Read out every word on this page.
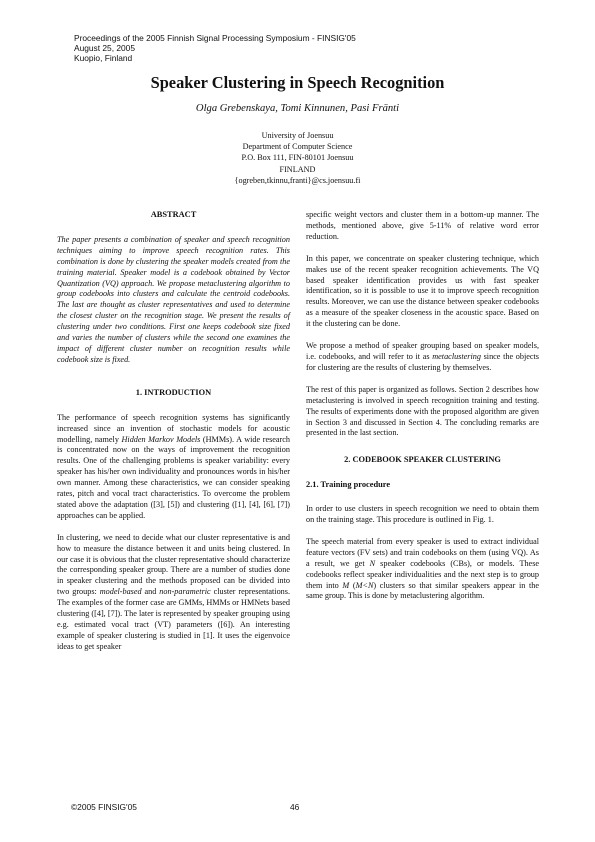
Proceedings of the 2005 Finnish Signal Processing Symposium - FINSIG'05
August 25, 2005
Kuopio, Finland
Speaker Clustering in Speech Recognition
Olga Grebenskaya, Tomi Kinnunen, Pasi Fränti
University of Joensuu
Department of Computer Science
P.O. Box 111, FIN-80101 Joensuu
FINLAND
{ogreben,tkinnu,franti}@cs.joensuu.fi
ABSTRACT

The paper presents a combination of speaker and speech recognition techniques aiming to improve speech recognition rates. This combination is done by clustering the speaker models created from the training material. Speaker model is a codebook obtained by Vector Quantization (VQ) approach. We propose metaclustering algorithm to group codebooks into clusters and calculate the centroid codebooks. The last are thought as cluster representatives and used to determine the closest cluster on the recognition stage. We present the results of clustering under two conditions. First one keeps codebook size fixed and varies the number of clusters while the second one examines the impact of different cluster number on recognition results while codebook size is fixed.

1. INTRODUCTION

The performance of speech recognition systems has significantly increased since an invention of stochastic models for acoustic modelling, namely Hidden Markov Models (HMMs). A wide research is concentrated now on the ways of improvement the recognition results. One of the challenging problems is speaker variability: every speaker has his/her own individuality and pronounces words in his/her own manner. Among these characteristics, we can consider speaking rates, pitch and vocal tract characteristics. To overcome the problem stated above the adaptation ([3], [5]) and clustering ([1], [4], [6], [7]) approaches can be applied.

In clustering, we need to decide what our cluster representative is and how to measure the distance between it and units being clustered. In our case it is obvious that the cluster representative should characterize the corresponding speaker group. There are a number of studies done in speaker clustering and the methods proposed can be divided into two groups: model-based and non-parametric cluster representations. The examples of the former case are GMMs, HMMs or HMNets based clustering ([4], [7]). The later is represented by speaker grouping using e.g. estimated vocal tract (VT) parameters ([6]). An interesting example of speaker clustering is studied in [1]. It uses the eigenvoice ideas to get speaker

specific weight vectors and cluster them in a bottom-up manner. The methods, mentioned above, give 5-11% of relative word error reduction.

In this paper, we concentrate on speaker clustering technique, which makes use of the recent speaker recognition achievements. The VQ based speaker identification provides us with fast speaker identification, so it is possible to use it to improve speech recognition results. Moreover, we can use the distance between speaker codebooks as a measure of the speaker closeness in the acoustic space. Based on it the clustering can be done.

We propose a method of speaker grouping based on speaker models, i.e. codebooks, and will refer to it as metaclustering since the objects for clustering are the results of clustering by themselves.

The rest of this paper is organized as follows. Section 2 describes how metaclustering is involved in speech recognition training and testing. The results of experiments done with the proposed algorithm are given in Section 3 and discussed in Section 4. The concluding remarks are presented in the last section.

2. CODEBOOK SPEAKER CLUSTERING
2.1. Training procedure

In order to use clusters in speech recognition we need to obtain them on the training stage. This procedure is outlined in Fig. 1.

The speech material from every speaker is used to extract individual feature vectors (FV sets) and train codebooks on them (using VQ). As a result, we get N speaker codebooks (CBs), or models. These codebooks reflect speaker individualities and the next step is to group them into M (M<N) clusters so that similar speakers appear in the same group. This is done by metaclustering algorithm.

©2005 FINSIG'05	46
